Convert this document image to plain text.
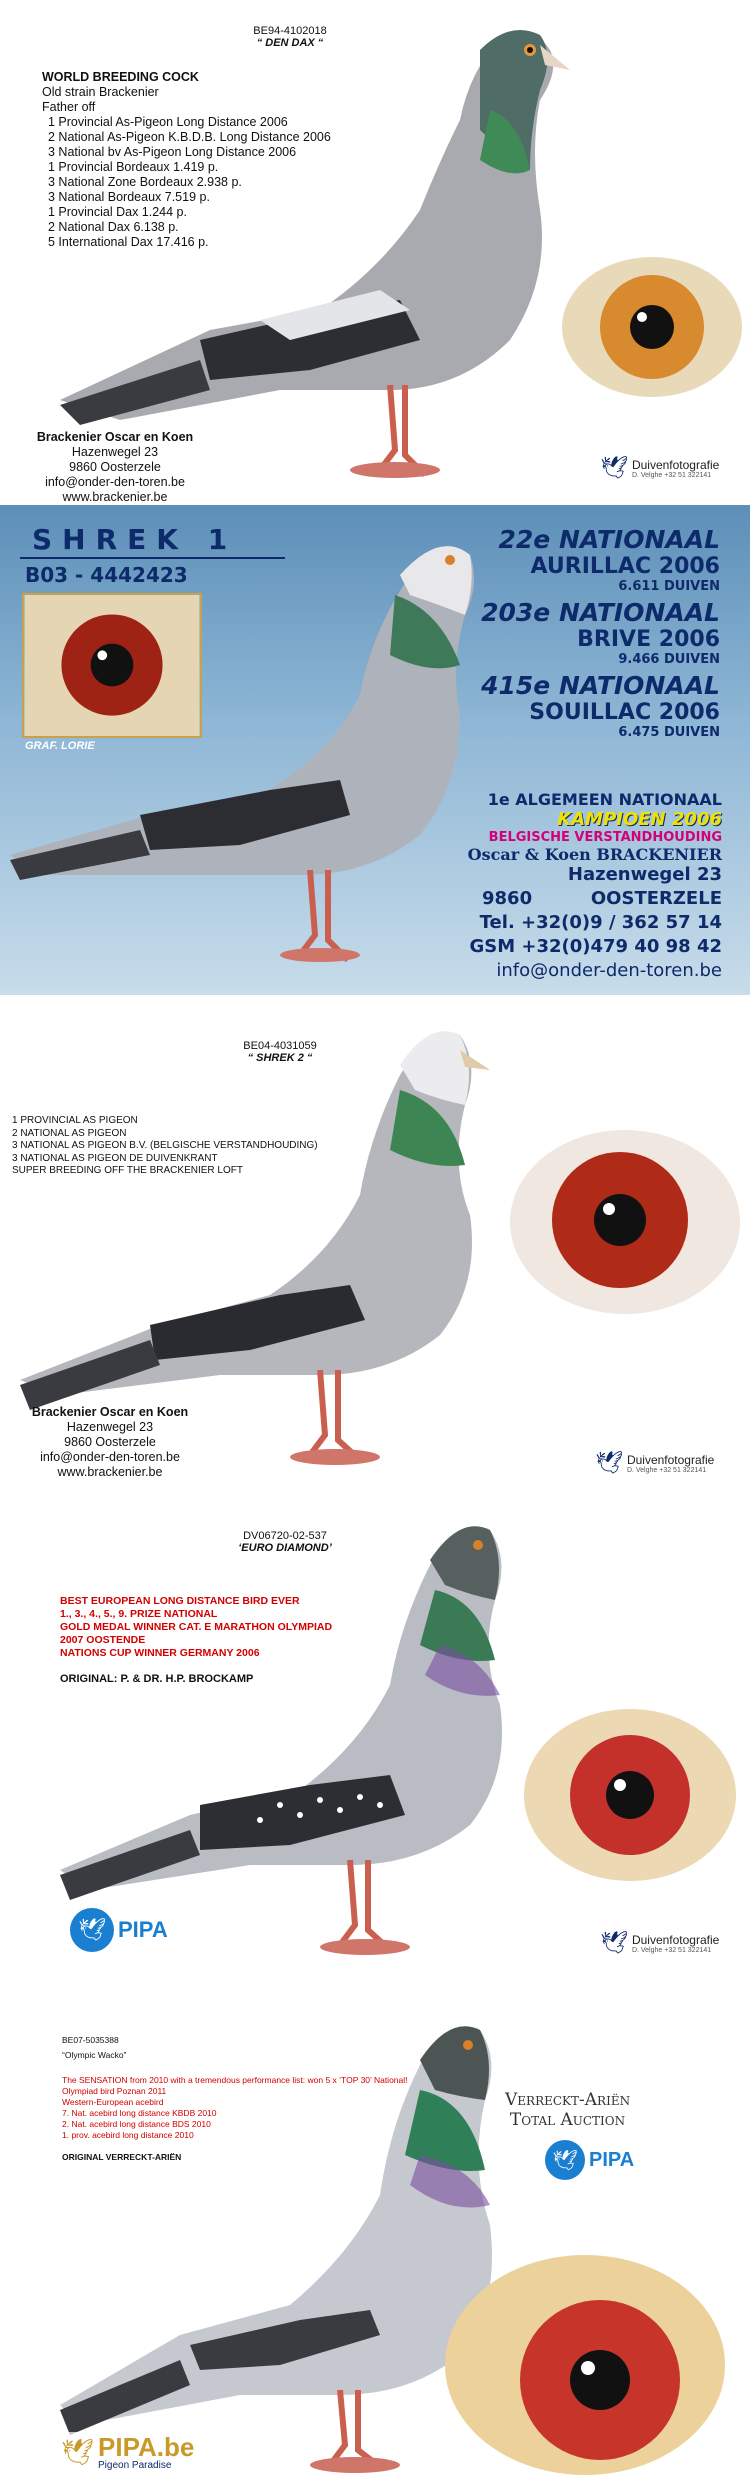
BE94-4102018
“ DEN DAX “
WORLD BREEDING COCK
Old strain Brackenier
Father off
1 Provincial As-Pigeon Long Distance 2006
2 National As-Pigeon K.B.D.B. Long Distance 2006
3 National bv As-Pigeon Long Distance 2006
1 Provincial Bordeaux 1.419 p.
3 National Zone Bordeaux 2.938 p.
3 National Bordeaux 7.519 p.
1 Provincial Dax 1.244 p.
2 National Dax 6.138 p.
5 International Dax 17.416 p.
Brackenier Oscar en Koen
Hazenwegel 23
9860 Oosterzele
info@onder-den-toren.be
www.brackenier.be
🕊 Duivenfotografie
D. Velghe +32 51 322141
SHREK 1
B03 - 4442423
GRAF. LORIE
22e NATIONAAL
AURILLAC 2006
6.611 DUIVEN
203e NATIONAAL
BRIVE 2006
9.466 DUIVEN
415e NATIONAAL
SOUILLAC 2006
6.475 DUIVEN
1e ALGEMEEN NATIONAAL
KAMPIOEN 2006
BELGISCHE VERSTANDHOUDING
Oscar & Koen BRACKENIER
Hazenwegel 23
9860	OOSTERZELE
Tel. +32(0)9 / 362 57 14
GSM +32(0)479 40 98 42
info@onder-den-toren.be
BE04-4031059
“ SHREK 2 “
1 PROVINCIAL AS PIGEON
2 NATIONAL AS PIGEON
3 NATIONAL AS PIGEON B.V. (BELGISCHE VERSTANDHOUDING)
3 NATIONAL AS PIGEON DE DUIVENKRANT
SUPER BREEDING OFF THE BRACKENIER LOFT
Brackenier Oscar en Koen
Hazenwegel 23
9860 Oosterzele
info@onder-den-toren.be
www.brackenier.be	🕊 Duivenfotografie
D. Velghe +32 51 322141
DV06720-02-537
‘EURO DIAMOND’
BEST EUROPEAN LONG DISTANCE BIRD EVER
1., 3., 4., 5., 9. PRIZE NATIONAL
GOLD MEDAL WINNER CAT. E MARATHON OLYMPIAD
2007 OOSTENDE
NATIONS CUP WINNER GERMANY 2006
ORIGINAL: P. & DR. H.P. BROCKAMP
🕊 PIPA
🕊 Duivenfotografie
D. Velghe +32 51 322141
BE07-5035388
“Olympic Wacko”
The SENSATION from 2010 with a tremendous performance list: won 5 x ‘TOP 30’ National!
Olympiad bird Poznan 2011
Western-European acebird
7. Nat. acebird long distance KBDB 2010
2. Nat. acebird long distance BDS 2010
1. prov. acebird long distance 2010
ORIGINAL VERRECKT-ARIËN
Verreckt-Ariën
Total Auction
🕊 PIPA
🕊 PIPA.be
Pigeon Paradise
